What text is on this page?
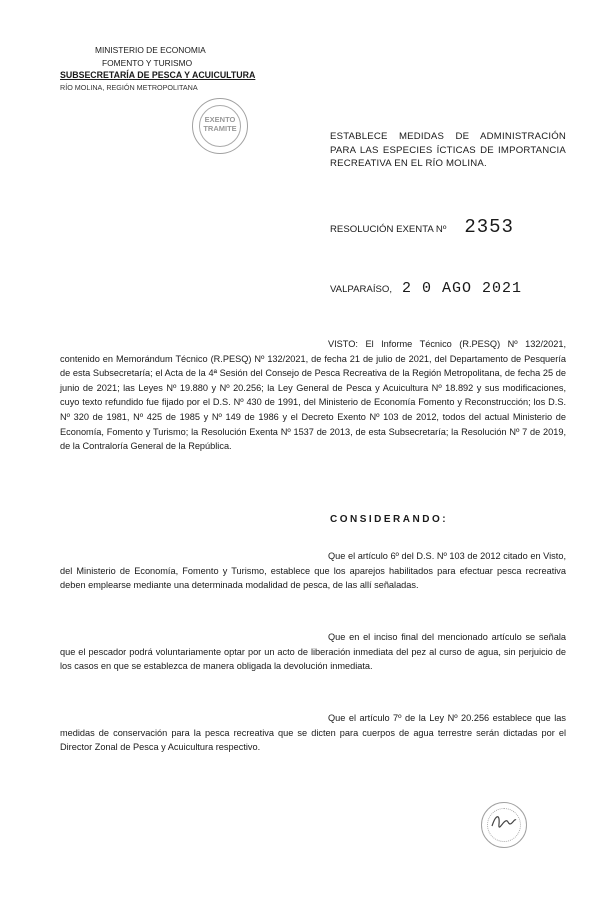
MINISTERIO DE ECONOMIA
FOMENTO Y TURISMO
SUBSECRETARÍA DE PESCA Y ACUICULTURA
RÍO MOLINA, REGIÓN METROPOLITANA
EXENTO
TRAMITE
ESTABLECE MEDIDAS DE ADMINISTRACIÓN PARA LAS ESPECIES ÍCTICAS DE IMPORTANCIA RECREATIVA EN EL RÍO MOLINA.
RESOLUCIÓN EXENTA Nº 2353
VALPARAÍSO, 2 0 AGO 2021

VISTO: El Informe Técnico (R.PESQ) Nº 132/2021, contenido en Memorándum Técnico (R.PESQ) Nº 132/2021, de fecha 21 de julio de 2021, del Departamento de Pesquería de esta Subsecretaría; el Acta de la 4ª Sesión del Consejo de Pesca Recreativa de la Región Metropolitana, de fecha 25 de junio de 2021; las Leyes Nº 19.880 y Nº 20.256; la Ley General de Pesca y Acuicultura Nº 18.892 y sus modificaciones, cuyo texto refundido fue fijado por el D.S. Nº 430 de 1991, del Ministerio de Economía Fomento y Reconstrucción; los D.S. Nº 320 de 1981, Nº 425 de 1985 y Nº 149 de 1986 y el Decreto Exento Nº 103 de 2012, todos del actual Ministerio de Economía, Fomento y Turismo; la Resolución Exenta Nº 1537 de 2013, de esta Subsecretaría; la Resolución Nº 7 de 2019, de la Contraloría General de la República.

CONSIDERANDO:

Que el artículo 6º del D.S. Nº 103 de 2012 citado en Visto, del Ministerio de Economía, Fomento y Turismo, establece que los aparejos habilitados para efectuar pesca recreativa deben emplearse mediante una determinada modalidad de pesca, de las allí señaladas.

Que en el inciso final del mencionado artículo se señala que el pescador podrá voluntariamente optar por un acto de liberación inmediata del pez al curso de agua, sin perjuicio de los casos en que se establezca de manera obligada la devolución inmediata.

Que el artículo 7º de la Ley Nº 20.256 establece que las medidas de conservación para la pesca recreativa que se dicten para cuerpos de agua terrestre serán dictadas por el Director Zonal de Pesca y Acuicultura respectivo.
